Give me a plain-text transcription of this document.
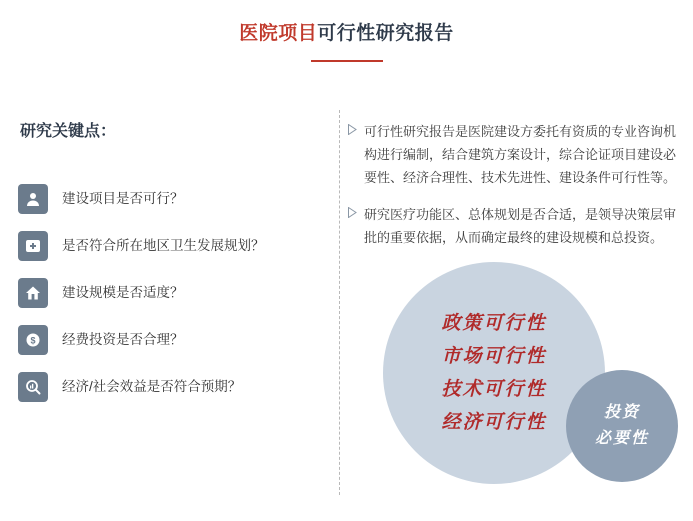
医院项目可行性研究报告
研究关键点：
建设项目是否可行？
是否符合所在地区卫生发展规划？
建设规模是否适度？
$ 经费投资是否合理？
经济/社会效益是否符合预期？
可行性研究报告是医院建设方委托有资质的专业咨询机构进行编制，结合建筑方案设计，综合论证项目建设必要性、经济合理性、技术先进性、建设条件可行性等。
研究医疗功能区、总体规划是否合适，是领导决策层审批的重要依据，从而确定最终的建设规模和总投资。
政策可行性
市场可行性
技术可行性
经济可行性	投资
必要性
